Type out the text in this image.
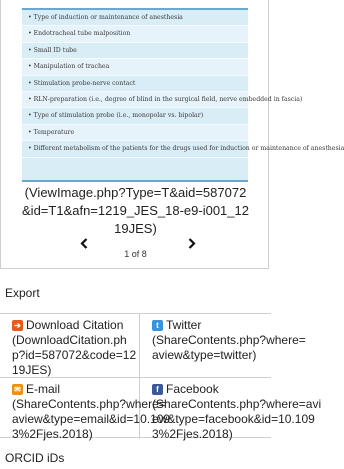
• Type of induction or maintenance of anesthesia
• Endotracheal tube malposition
• Small ID tube
• Manipulation of trachea
• Stimulation probe-nerve contact
• RLN-preparation (i.e., degree of blind in the surgical field, nerve embedded in fascia)
• Type of stimulation probe (i.e., monopolar vs. bipolar)
• Temperature
• Different metabolism of the patients for the drugs used for induction or maintenance of anesthesia
(ViewImage.php?Type=T&aid=587072&id=T1&afn=1219_JES_18-e9-i001_1219JES)
1 of 8
Export
➔ Download Citation
(DownloadCitation.php?id=587072&code=1219JES)
t Twitter
(ShareContents.php?where=aview&type=twitter)
✉ E-mail
(ShareContents.php?where=aview&type=email&id=10.1093%2Fjes.2018)
f Facebook
(ShareContents.php?where=aview&type=facebook&id=10.1093%2Fjes.2018)
ORCID iDs
